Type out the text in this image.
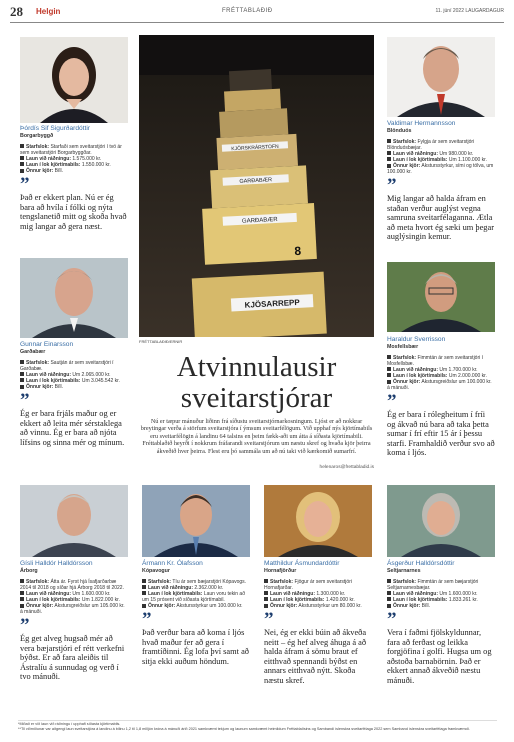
28 Helgin	FRÉTTABLAÐIÐ	11. júní 2022 LAUGARDAGUR
Þórdís Sif Sigurðardóttir
Borgarbyggð
Starfslok: Starfaði sem sveitarstjóri í tvö ár sem sveitarstjóri Borgarbyggðar.
Laun við ráðningu: 1.575.000 kr.
Laun í lok kjörtímabils: 1.550.000 kr.
Önnur kjör: Bíll.
”
Það er ekkert plan. Nú er ég bara að hvíla í fólki og nýta tengslanetið mitt og skoða hvað mig langar að gera næst.
Gunnar Einarsson
Garðabær
Starfslok: Sautján ár sem sveitarstjóri í Garðabæ.
Laun við ráðningu: Um 2.065.000 kr.
Laun í lok kjörtímabils: Um 3.045.542 kr.
Önnur kjör: Bíll.
”
Ég er bara frjáls maður og er ekkert að leita mér sérstaklega að vinnu. Ég er bara að njóta lífsins og sinna mér og mínum.
KJÖRSKRÁRSTOFN
GARÐABÆR
GARÐABÆR
8
KJÖSARREPP
FRÉTTABLAÐIÐ/ERNIR
Atvinnulausir
sveitarstjórar
Nú er tæpur mánuður liðinn frá síðustu sveitarstjórnarkosningum. Ljóst er að nokkrar breytingar verða á störfum sveitarstjóra í ýmsum sveitarfélögum. Við upphaf nýs kjörtímabils eru sveitarfélögin á landinu 64 talsins en þeim fækk-aði um átta á síðasta kjörtímabili. Fréttablaðið heyrði í nokkrum fráfarandi sveitarstjórum um næstu skref og hvaða kjör þeirra ákveðið hver þeirra. Flest eru þó sammála um að nú taki við kærkomið sumarfrí.
helenaros@frettabladid.is
Valdimar Hermannsson
Blönduós
Starfslok: Fylgja ár sem sveitarstjóri Blönduósbæjar.
Laun við ráðningu: Um 980.000 kr.
Laun í lok kjörtímabils: Um 1.100.000 kr.
Önnur kjör: Akstursstyrkur, sími og tölva, um 100.000 kr.
”
Mig langar að halda áfram en staðan verður auglýst vegna samruna sveitarfélaganna. Ætla að meta hvort ég sæki um þegar auglýsingin kemur.
Haraldur Sverrisson
Mosfellsbær
Starfslok: Fimmtán ár sem sveitarstjóri í Mosfellsbæ.
Laun við ráðningu: Um 1.700.000 kr.
Laun í lok kjörtímabils: Um 2.000.000 kr.
Önnur kjör: Akstursgreiðslur um 100.000 kr. á mánuði.
”
Ég er bara í rólegheitum í fríi og ákvað nú bara að taka þetta sumar í frí eftir 15 ár í þessu starfi. Framhaldið verður svo að koma í ljós.
Gísli Halldór Halldórsson
Árborg
Starfslok: Átta ár. Fyrst hjá Ísafjarðarbæ 2014 til 2018 og síðar hjá Árborg 2018 til 2022.
Laun við ráðningu: Um 1.600.000 kr.
Laun í lok kjörtímabils: Um 1.822.000 kr.
Önnur kjör: Akstursgreiðslur um 105.000 kr. á mánuði.
”
Ég get alveg hugsað mér að vera bæjarstjóri ef rétt verkefni býðst. Er að fara aleiðis til Ástralíu á sunnudag og verð í tvo mánuði.
Ármann Kr. Ólafsson
Kópavogur
Starfslok: Tíu ár sem bæjarstjóri Kópavogs.
Laun við ráðningu: 2.362.000 kr.
Laun í lok kjörtímabils: Laun voru tekin að um 15 prósent við síðasta kjörtímabil.
Önnur kjör: Akstursstyrkur um 100.000 kr.
”
Það verður bara að koma í ljós hvað maður fer að gera í framtíðinni. Ég lofa því samt að sitja ekki auðum höndum.
Matthildur Ásmundardóttir
Hornafjörður
Starfslok: Fjögur ár sem sveitarstjóri Hornafjarðar.
Laun við ráðningu: 1.300.000 kr.
Laun í lok kjörtímabils: 1.420.000 kr.
Önnur kjör: Akstursstyrkur um 80.000 kr.
”
Nei, ég er ekki búin að ákveða neitt – ég hef alveg áhuga á að halda áfram á sömu braut ef eitthvað spennandi býðst en annars eitthvað nýtt. Skoða næstu skref.
Ásgerður Halldórsdóttir
Seltjarnarnes
Starfslok: Fimmtán ár sem bæjarstjóri Seltjarnarnesbæjar.
Laun við ráðningu: Um 1.600.000 kr.
Laun í lok kjörtímabils: 1.833.261 kr.
Önnur kjör: Bíll.
”
Vera í faðmi fjölskyldunnar, fara að ferðast og leikka forgjöfina í golfi. Hugsa um og aðstoða barnabörnin. Það er ekkert annað ákveðið næstu mánuði.
*Miðað er við laun við ráðningu í upphafi síðasta kjörtímabils.
**Til viðmiðunar var aðgengi laun sveitarstjóra á landinu á bilinu 1,2 til 1,8 milljón króna á mánuði árið 2021 samkvæmt tekjum og launum samkvæmt heimildum Fréttablaðsins og Sambandi íslenskra sveitarfélaga 2022 sem Samband íslenskra sveitarfélaga framkvæmdi.
